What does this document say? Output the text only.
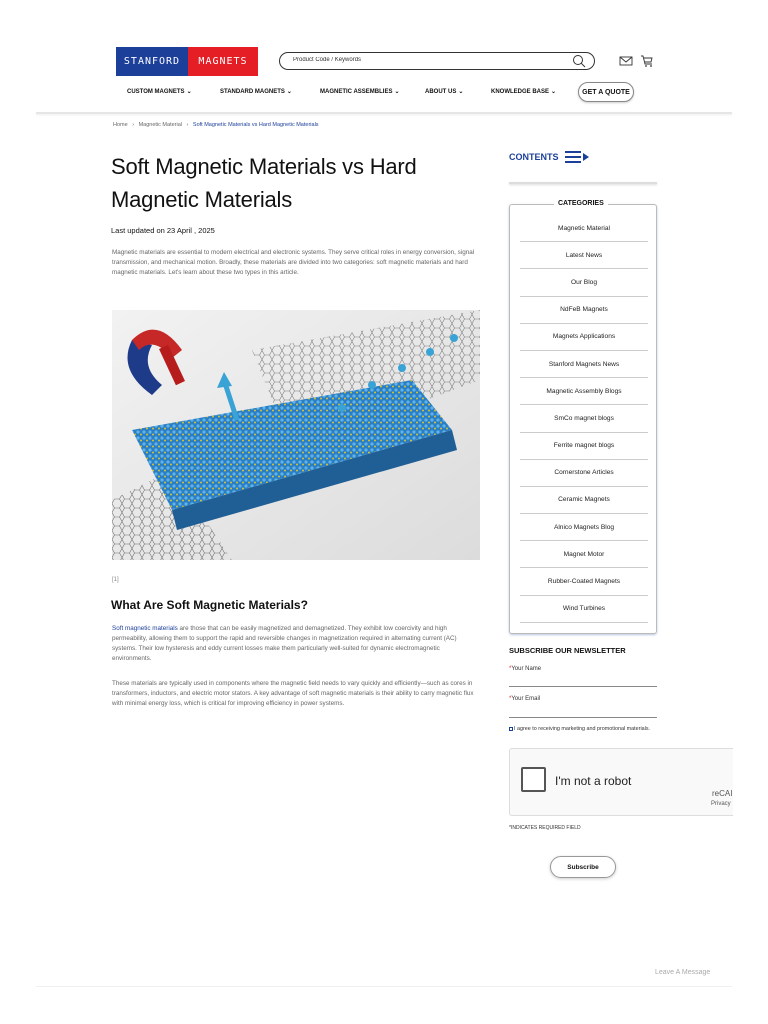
STANFORD	MAGNETS
Product Code / Keywords
CUSTOM MAGNETS ⌄	STANDARD MAGNETS ⌄	MAGNETIC ASSEMBLIES ⌄	ABOUT US ⌄	KNOWLEDGE BASE ⌄	GET A QUOTE
Home › Magnetic Material › Soft Magnetic Materials vs Hard Magnetic Materials
Soft Magnetic Materials vs Hard Magnetic Materials
Last updated on 23 April , 2025

Magnetic materials are essential to modern electrical and electronic systems. They serve critical roles in energy conversion, signal transmission, and mechanical motion. Broadly, these materials are divided into two categories: soft magnetic materials and hard magnetic materials. Let's learn about these two types in this article.

[1]
What Are Soft Magnetic Materials?

Soft magnetic materials are those that can be easily magnetized and demagnetized. They exhibit low coercivity and high permeability, allowing them to support the rapid and reversible changes in magnetization required in alternating current (AC) systems. Their low hysteresis and eddy current losses make them particularly well-suited for dynamic electromagnetic environments.

These materials are typically used in components where the magnetic field needs to vary quickly and efficiently—such as cores in transformers, inductors, and electric motor stators. A key advantage of soft magnetic materials is their ability to carry magnetic flux with minimal energy loss, which is critical for improving efficiency in power systems.

CONTENTS
CATEGORIES
Magnetic Material
Latest News
Our Blog
NdFeB Magnets
Magnets Applications
Stanford Magnets News
Magnetic Assembly Blogs
SmCo magnet blogs
Ferrite magnet blogs
Cornerstone Articles
Ceramic Magnets
Alnico Magnets Blog
Magnet Motor
Rubber-Coated Magnets
Wind Turbines
SUBSCRIBE OUR NEWSLETTER
*Your Name
*Your Email
I agree to receiving marketing and promotional materials.
I'm not a robot
reCAI
Privacy
*INDICATES REQUIRED FIELD
Subscribe
Leave A Message
